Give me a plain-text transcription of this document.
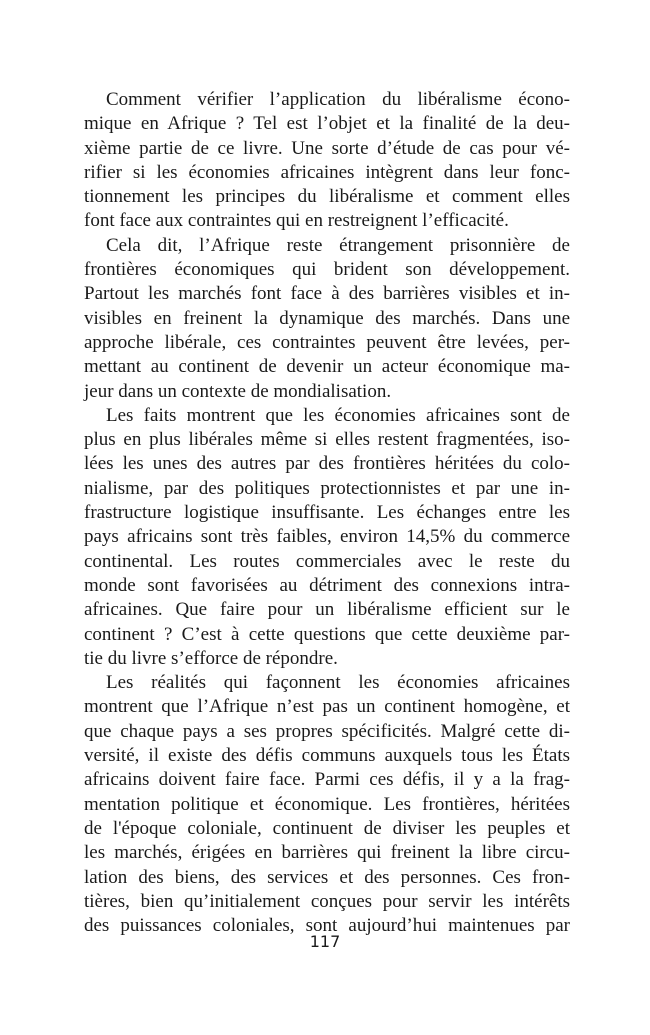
Comment vérifier l’application du libéralisme écono-
mique en Afrique ? Tel est l’objet et la finalité de la deu-
xième partie de ce livre. Une sorte d’étude de cas pour vé-
rifier si les économies africaines intègrent dans leur fonc-
tionnement les principes du libéralisme et comment elles
font face aux contraintes qui en restreignent l’efficacité.

Cela dit, l’Afrique reste étrangement prisonnière de
frontières économiques qui brident son développement.
Partout les marchés font face à des barrières visibles et in-
visibles en freinent la dynamique des marchés. Dans une
approche libérale, ces contraintes peuvent être levées, per-
mettant au continent de devenir un acteur économique ma-
jeur dans un contexte de mondialisation.

Les faits montrent que les économies africaines sont de
plus en plus libérales même si elles restent fragmentées, iso-
lées les unes des autres par des frontières héritées du colo-
nialisme, par des politiques protectionnistes et par une in-
frastructure logistique insuffisante. Les échanges entre les
pays africains sont très faibles, environ 14,5% du commerce
continental. Les routes commerciales avec le reste du
monde sont favorisées au détriment des connexions intra-
africaines. Que faire pour un libéralisme efficient sur le
continent ? C’est à cette questions que cette deuxième par-
tie du livre s’efforce de répondre.

Les réalités qui façonnent les économies africaines
montrent que l’Afrique n’est pas un continent homogène, et
que chaque pays a ses propres spécificités. Malgré cette di-
versité, il existe des défis communs auxquels tous les États
africains doivent faire face. Parmi ces défis, il y a la frag-
mentation politique et économique. Les frontières, héritées
de l'époque coloniale, continuent de diviser les peuples et
les marchés, érigées en barrières qui freinent la libre circu-
lation des biens, des services et des personnes. Ces fron-
tières, bien qu’initialement conçues pour servir les intérêts
des puissances coloniales, sont aujourd’hui maintenues par

117
